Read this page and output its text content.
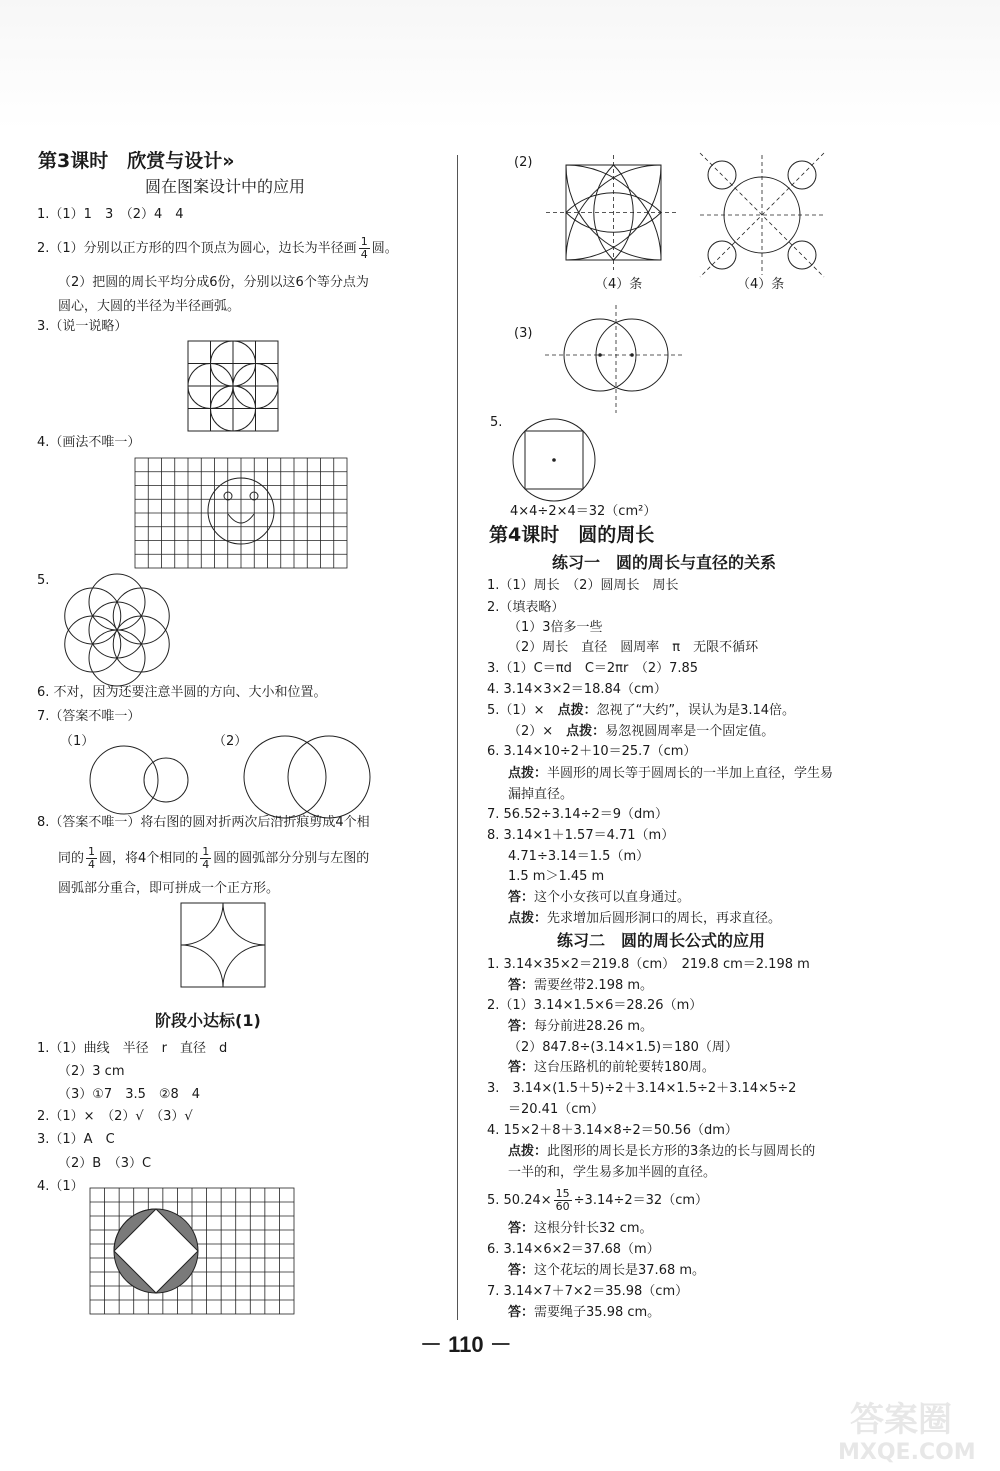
第3课时　欣赏与设计»
圆在图案设计中的应用
1.（1）1　3　（2）4　4
2.（1）分别以正方形的四个顶点为圆心，边长为半径画 $\frac{1}{4}$ 圆。
（2）把圆的周长平均分成6份，分别以这6个等分点为
圆心，大圆的半径为半径画弧。
3.（说一说略）
4.（画法不唯一）
5.
6. 不对，因为还要注意半圆的方向、大小和位置。
7.（答案不唯一）
（1）	（2）
8.（答案不唯一）将右图的圆对折两次后沿折痕剪成4个相
同的 $\frac{1}{4}$ 圆，将4个相同的 $\frac{1}{4}$ 圆的圆弧部分分别与左图的
圆弧部分重合，即可拼成一个正方形。
阶段小达标(1)
1.（1）曲线　半径　r　直径　d
（2）3 cm
（3）①7　3.5　②8　4
2.（1）×　（2）√　（3）√
3.（1）A　C
（2）B　（3）C
4.（1）
(2)
（4）条	（4）条
(3)
5.
4×4÷2×4＝32（cm²）
第4课时　圆的周长
练习一　圆的周长与直径的关系
1.（1）周长　（2）圆周长　周长
2.（填表略）
（1）3倍多一些
（2）周长　直径　圆周率　π　无限不循环
3.（1）C＝πd　C＝2πr　（2）7.85
4. 3.14×3×2＝18.84（cm）
5.（1）×　点拨：忽视了“大约”，误认为是3.14倍。
（2）×　点拨：易忽视圆周率是一个固定值。
6. 3.14×10÷2＋10＝25.7（cm）
点拨：半圆形的周长等于圆周长的一半加上直径，学生易
漏掉直径。
7. 56.52÷3.14÷2＝9（dm）
8. 3.14×1＋1.57＝4.71（m）
4.71÷3.14＝1.5（m）
1.5 m＞1.45 m
答：这个小女孩可以直身通过。
点拨：先求增加后圆形洞口的周长，再求直径。
练习二　圆的周长公式的应用
1. 3.14×35×2＝219.8（cm）　219.8 cm＝2.198 m
答：需要丝带2.198 m。
2.（1）3.14×1.5×6＝28.26（m）
答：每分前进28.26 m。
（2）847.8÷(3.14×1.5)＝180（周）
答：这台压路机的前轮要转180周。
3.　3.14×(1.5＋5)÷2＋3.14×1.5÷2＋3.14×5÷2
＝20.41（cm）
4. 15×2＋8＋3.14×8÷2＝50.56（dm）
点拨：此图形的周长是长方形的3条边的长与圆周长的
一半的和，学生易多加半圆的直径。
5. $50.24\times \frac{15}{60} \div 3.14\div 2=32(cm)$
答：这根分针长32 cm。
6. 3.14×6×2＝37.68（m）
答：这个花坛的周长是37.68 m。
7. 3.14×7＋7×2＝35.98（cm）
答：需要绳子35.98 cm。
－ 110 －
MXQE.COM
答案圈
